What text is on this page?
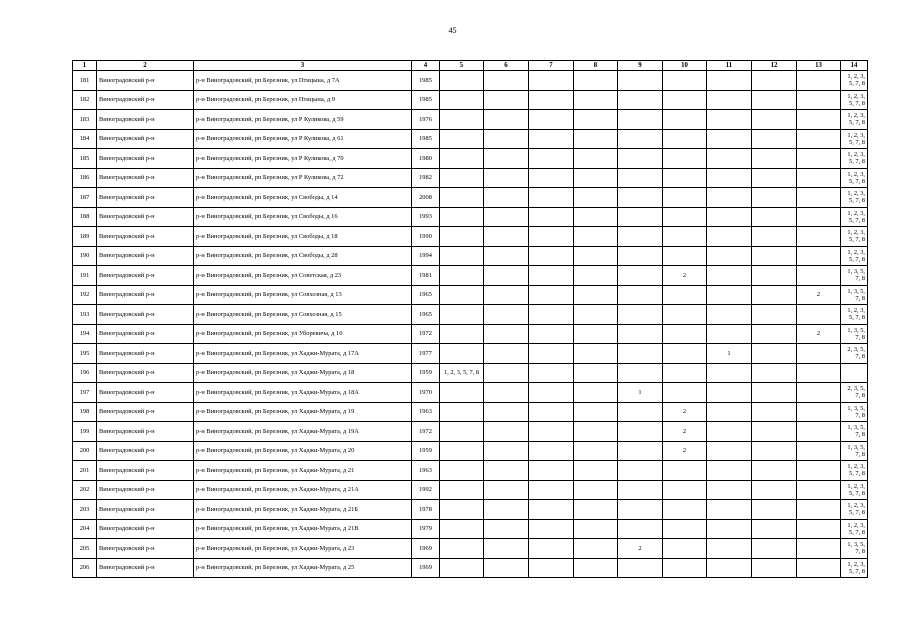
45
1	2	3	4	5	6	7	8	9	10	11	12	13	14
181	Виноградовский р-н	р-н Виноградовский, рп Березник, ул Птицына, д 7А	1985										1, 2, 3, 5, 7, 8
182	Виноградовский р-н	р-н Виноградовский, рп Березник, ул Птицына, д 9	1985										1, 2, 3, 5, 7, 8
183	Виноградовский р-н	р-н Виноградовский, рп Березник, ул Р Куликова, д 59	1976										1, 2, 3, 5, 7, 8
184	Виноградовский р-н	р-н Виноградовский, рп Березник, ул Р Куликова, д 61	1985										1, 2, 3, 5, 7, 8
185	Виноградовский р-н	р-н Виноградовский, рп Березник, ул Р Куликова, д 70	1980										1, 2, 3, 5, 7, 8
186	Виноградовский р-н	р-н Виноградовский, рп Березник, ул Р Куликова, д 72	1982										1, 2, 3, 5, 7, 8
187	Виноградовский р-н	р-н Виноградовский, рп Березник, ул Свободы, д 14	2008										1, 2, 3, 5, 7, 8
188	Виноградовский р-н	р-н Виноградовский, рп Березник, ул Свободы, д 16	1993										1, 2, 3, 5, 7, 8
189	Виноградовский р-н	р-н Виноградовский, рп Березник, ул Свободы, д 18	1990										1, 2, 3, 5, 7, 8
190	Виноградовский р-н	р-н Виноградовский, рп Березник, ул Свободы, д 28	1994										1, 2, 3, 5, 7, 8
191	Виноградовский р-н	р-н Виноградовский, рп Березник, ул Советская, д 23	1981						2				1, 3, 5, 7, 8
192	Виноградовский р-н	р-н Виноградовский, рп Березник, ул Совхозная, д 13	1965									2	1, 3, 5, 7, 8
193	Виноградовский р-н	р-н Виноградовский, рп Березник, ул Совхозная, д 15	1965										1, 2, 3, 5, 7, 8
194	Виноградовский р-н	р-н Виноградовский, рп Березник, ул Уборевича, д 10	1972									2	1, 3, 5, 7, 8
195	Виноградовский р-н	р-н Виноградовский, рп Березник, ул Хаджи-Мурата, д 17А	1977							1			2, 3, 5, 7, 8
196	Виноградовский р-н	р-н Виноградовский, рп Березник, ул Хаджи-Мурата, д 18	1959	1, 2, 3, 5, 7, 8									
197	Виноградовский р-н	р-н Виноградовский, рп Березник, ул Хаджи-Мурата, д 18А	1970					1					2, 3, 5, 7, 8
198	Виноградовский р-н	р-н Виноградовский, рп Березник, ул Хаджи-Мурата, д 19	1963						2				1, 3, 5, 7, 8
199	Виноградовский р-н	р-н Виноградовский, рп Березник, ул Хаджи-Мурата, д 19А	1972						2				1, 3, 5, 7, 8
200	Виноградовский р-н	р-н Виноградовский, рп Березник, ул Хаджи-Мурата, д 20	1959						2				1, 3, 5, 7, 8
201	Виноградовский р-н	р-н Виноградовский, рп Березник, ул Хаджи-Мурата, д 21	1963										1, 2, 3, 5, 7, 8
202	Виноградовский р-н	р-н Виноградовский, рп Березник, ул Хаджи-Мурата, д 21А	1992										1, 2, 3, 5, 7, 8
203	Виноградовский р-н	р-н Виноградовский, рп Березник, ул Хаджи-Мурата, д 21Б	1978										1, 2, 3, 5, 7, 8
204	Виноградовский р-н	р-н Виноградовский, рп Березник, ул Хаджи-Мурата, д 21В	1979										1, 2, 3, 5, 7, 8
205	Виноградовский р-н	р-н Виноградовский, рп Березник, ул Хаджи-Мурата, д 23	1969					2					1, 3, 5, 7, 8
206	Виноградовский р-н	р-н Виноградовский, рп Березник, ул Хаджи-Мурата, д 25	1969										1, 2, 3, 5, 7, 8
